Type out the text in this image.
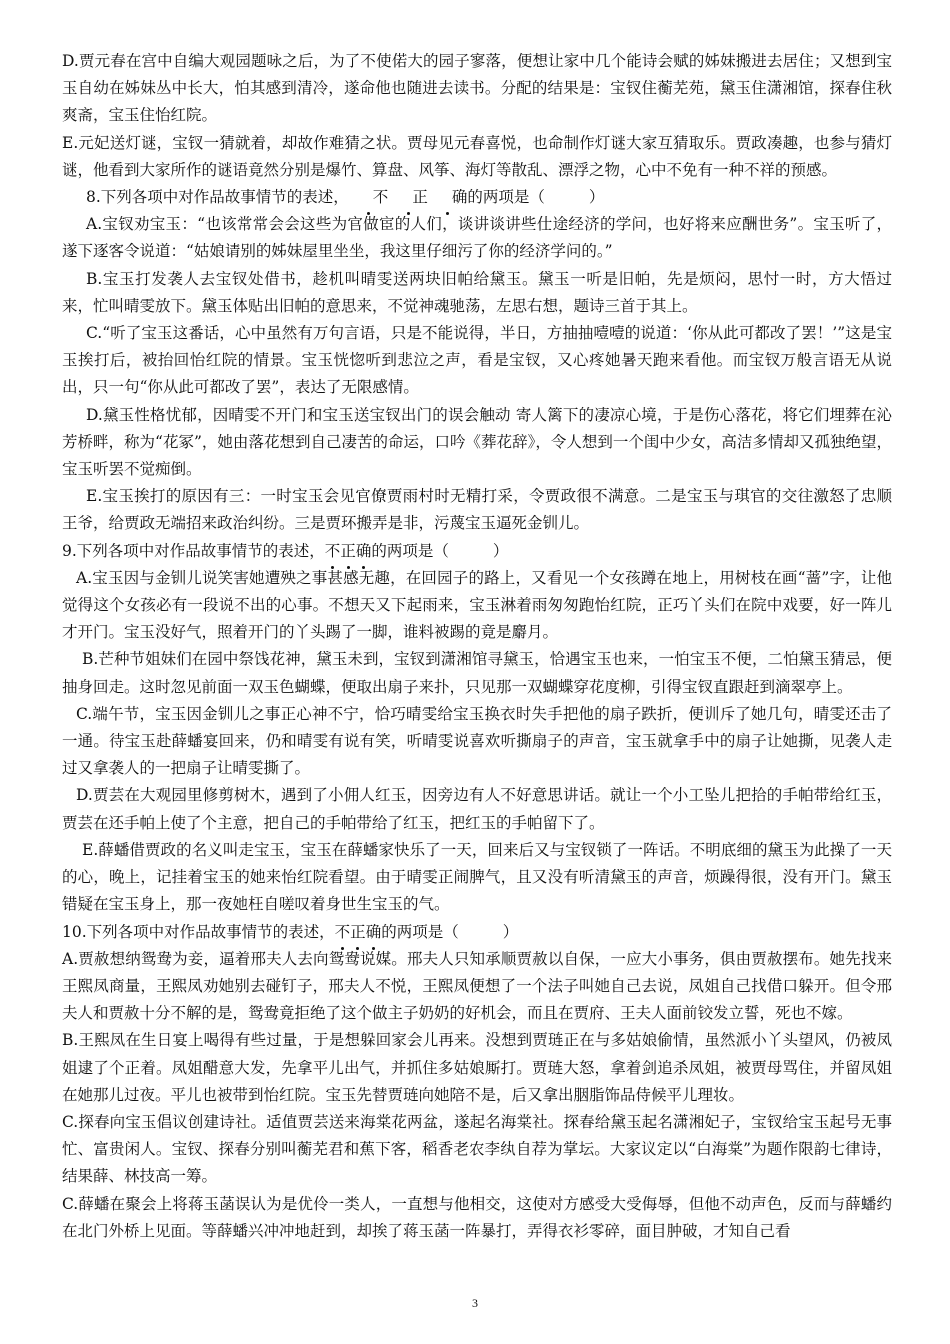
D.贾元春在宫中自编大观园题咏之后，为了不使偌大的园子寥落，便想让家中几个能诗会赋的姊妹搬进去居住；又想到宝玉自幼在姊妹丛中长大，怕其感到清冷，遂命他也随进去读书。分配的结果是：宝钗住蘅芜苑，黛玉住潇湘馆，探春住秋爽斋，宝玉住怡红院。

E.元妃送灯谜，宝钗一猜就着，却故作难猜之状。贾母见元春喜悦，也命制作灯谜大家互猜取乐。贾政凑趣，也参与猜灯谜，他看到大家所作的谜语竟然分别是爆竹、算盘、风筝、海灯等散乱、漂浮之物，心中不免有一种不祥的预感。

8.下列各项中对作品故事情节的表述， 不 正 确的两项是（	）

A.宝钗劝宝玉：“也该常常会会这些为官做宦的人们，谈讲谈讲些仕途经济的学问，也好将来应酬世务”。宝玉听了，遂下逐客令说道：“姑娘请别的姊妹屋里坐坐，我这里仔细污了你的经济学问的。”

B.宝玉打发袭人去宝钗处借书，趁机叫晴雯送两块旧帕给黛玉。黛玉一听是旧帕，先是烦闷，思忖一时，方大悟过来，忙叫晴雯放下。黛玉体贴出旧帕的意思来，不觉神魂驰荡，左思右想，题诗三首于其上。

C.“听了宝玉这番话，心中虽然有万句言语，只是不能说得，半日，方抽抽噎噎的说道：‘你从此可都改了罢！’”这是宝玉挨打后，被抬回怡红院的情景。宝玉恍惚听到悲泣之声，看是宝钗，又心疼她暑天跑来看他。而宝钗万般言语无从说出，只一句“你从此可都改了罢”，表达了无限感情。

D.黛玉性格忧郁，因晴雯不开门和宝玉送宝钗出门的误会触动 寄人篱下的凄凉心境，于是伤心落花，将它们埋葬在沁芳桥畔，称为“花冢”，她由落花想到自己凄苦的命运，口吟《葬花辞》，令人想到一个闺中少女，高洁多情却又孤独绝望，宝玉听罢不觉痴倒。

E.宝玉挨打的原因有三：一时宝玉会见官僚贾雨村时无精打采，令贾政很不满意。二是宝玉与琪官的交往激怒了忠顺王爷，给贾政无端招来政治纠纷。三是贾环搬弄是非，污蔑宝玉逼死金钏儿。

9.下列各项中对作品故事情节的表述，不正确的两项是（	）

A.宝玉因与金钏儿说笑害她遭殃之事甚感无趣，在回园子的路上，又看见一个女孩蹲在地上，用树枝在画“蔷”字，让他觉得这个女孩必有一段说不出的心事。不想天又下起雨来，宝玉淋着雨匆匆跑怡红院，正巧丫头们在院中戏要，好一阵儿才开门。宝玉没好气，照着开门的丫头踢了一脚，谁料被踢的竟是麝月。

B.芒种节姐妹们在园中祭饯花神，黛玉未到，宝钗到潇湘馆寻黛玉，恰遇宝玉也来，一怕宝玉不便，二怕黛玉猜忌，便抽身回走。这时忽见前面一双玉色蝴蝶，便取出扇子来扑，只见那一双蝴蝶穿花度柳，引得宝钗直跟赶到滴翠亭上。

C.端午节，宝玉因金钏儿之事正心神不宁，恰巧晴雯给宝玉换衣时失手把他的扇子跌折，便训斥了她几句，晴雯还击了一通。待宝玉赴薛蟠宴回来，仍和晴雯有说有笑，听晴雯说喜欢听撕扇子的声音，宝玉就拿手中的扇子让她撕，见袭人走过又拿袭人的一把扇子让晴雯撕了。

D.贾芸在大观园里修剪树木，遇到了小佣人红玉，因旁边有人不好意思讲话。就让一个小工坠儿把拾的手帕带给红玉，贾芸在还手帕上使了个主意，把自己的手帕带给了红玉，把红玉的手帕留下了。

E.薛蟠借贾政的名义叫走宝玉，宝玉在薛蟠家快乐了一天，回来后又与宝钗锁了一阵话。不明底细的黛玉为此操了一天的心，晚上，记挂着宝玉的她来怡红院看望。由于晴雯正闹脾气，且又没有听清黛玉的声音，烦躁得很，没有开门。黛玉错疑在宝玉身上，那一夜她枉自嗟叹着身世生宝玉的气。

10.下列各项中对作品故事情节的表述，不正确的两项是（	）

A.贾赦想纳鸳鸯为妾，逼着邢夫人去向鸳鸯说媒。邢夫人只知承顺贾赦以自保，一应大小事务，俱由贾赦摆布。她先找来王熙凤商量，王熙凤劝她别去碰钉子，邢夫人不悦，王熙凤便想了一个法子叫她自己去说，凤姐自己找借口躲开。但令邢夫人和贾赦十分不解的是，鸳鸯竟拒绝了这个做主子奶奶的好机会，而且在贾府、王夫人面前铰发立誓，死也不嫁。

B.王熙凤在生日宴上喝得有些过量，于是想躲回家会儿再来。没想到贾琏正在与多姑娘偷情，虽然派小丫头望风，仍被凤姐逮了个正着。凤姐醋意大发，先拿平儿出气，并抓住多姑娘厮打。贾琏大怒，拿着剑追杀凤姐，被贾母骂住，并留凤姐在她那儿过夜。平儿也被带到怡红院。宝玉先替贾琏向她陪不是，后又拿出胭脂饰品侍候平儿理妆。

C.探春向宝玉倡议创建诗社。适值贾芸送来海棠花两盆，遂起名海棠社。探春给黛玉起名潇湘妃子，宝钗给宝玉起号无事忙、富贵闲人。宝钗、探春分别叫蘅芜君和蕉下客，稻香老农李纨自荐为掌坛。大家议定以“白海棠”为题作限韵七律诗，结果薛、林技高一筹。

C.薛蟠在聚会上将蒋玉菡误认为是优伶一类人，一直想与他相交，这使对方感受大受侮辱，但他不动声色，反而与薛蟠约在北门外桥上见面。等薛蟠兴冲冲地赶到，却挨了蒋玉菡一阵暴打，弄得衣衫零碎，面目肿破，才知自己看

3
